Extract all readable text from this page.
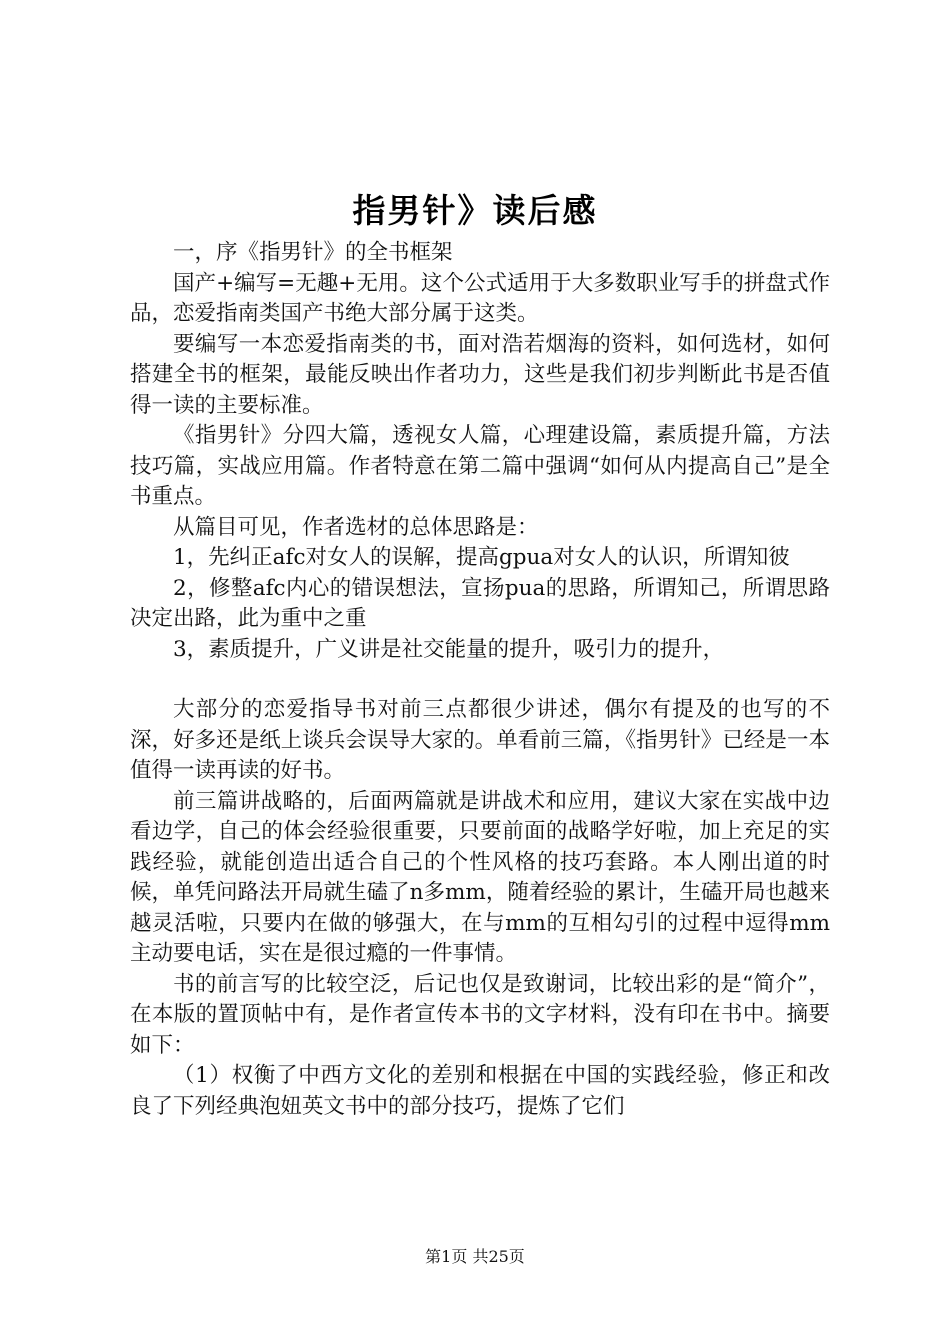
指男针》读后感

一，序《指男针》的全书框架

国产+编写=无趣+无用。这个公式适用于大多数职业写手的拼盘式作品，恋爱指南类国产书绝大部分属于这类。

要编写一本恋爱指南类的书，面对浩若烟海的资料，如何选材，如何搭建全书的框架，最能反映出作者功力，这些是我们初步判断此书是否值得一读的主要标准。

《指男针》分四大篇，透视女人篇，心理建设篇，素质提升篇，方法技巧篇，实战应用篇。作者特意在第二篇中强调“如何从内提高自己”是全书重点。

从篇目可见，作者选材的总体思路是：

1，先纠正afc对女人的误解，提高gpua对女人的认识，所谓知彼

2，修整afc内心的错误想法，宣扬pua的思路，所谓知己，所谓思路决定出路，此为重中之重

3，素质提升，广义讲是社交能量的提升，吸引力的提升，

大部分的恋爱指导书对前三点都很少讲述，偶尔有提及的也写的不深，好多还是纸上谈兵会误导大家的。单看前三篇，《指男针》已经是一本值得一读再读的好书。

前三篇讲战略的，后面两篇就是讲战术和应用，建议大家在实战中边看边学，自己的体会经验很重要，只要前面的战略学好啦，加上充足的实践经验，就能创造出适合自己的个性风格的技巧套路。本人刚出道的时候，单凭问路法开局就生磕了n多mm，随着经验的累计，生磕开局也越来越灵活啦，只要内在做的够强大，在与mm的互相勾引的过程中逗得mm主动要电话，实在是很过瘾的一件事情。

书的前言写的比较空泛，后记也仅是致谢词，比较出彩的是“简介”，在本版的置顶帖中有，是作者宣传本书的文字材料，没有印在书中。摘要如下：

（1）权衡了中西方文化的差别和根据在中国的实践经验，修正和改良了下列经典泡妞英文书中的部分技巧，提炼了它们

第1页 共25页
